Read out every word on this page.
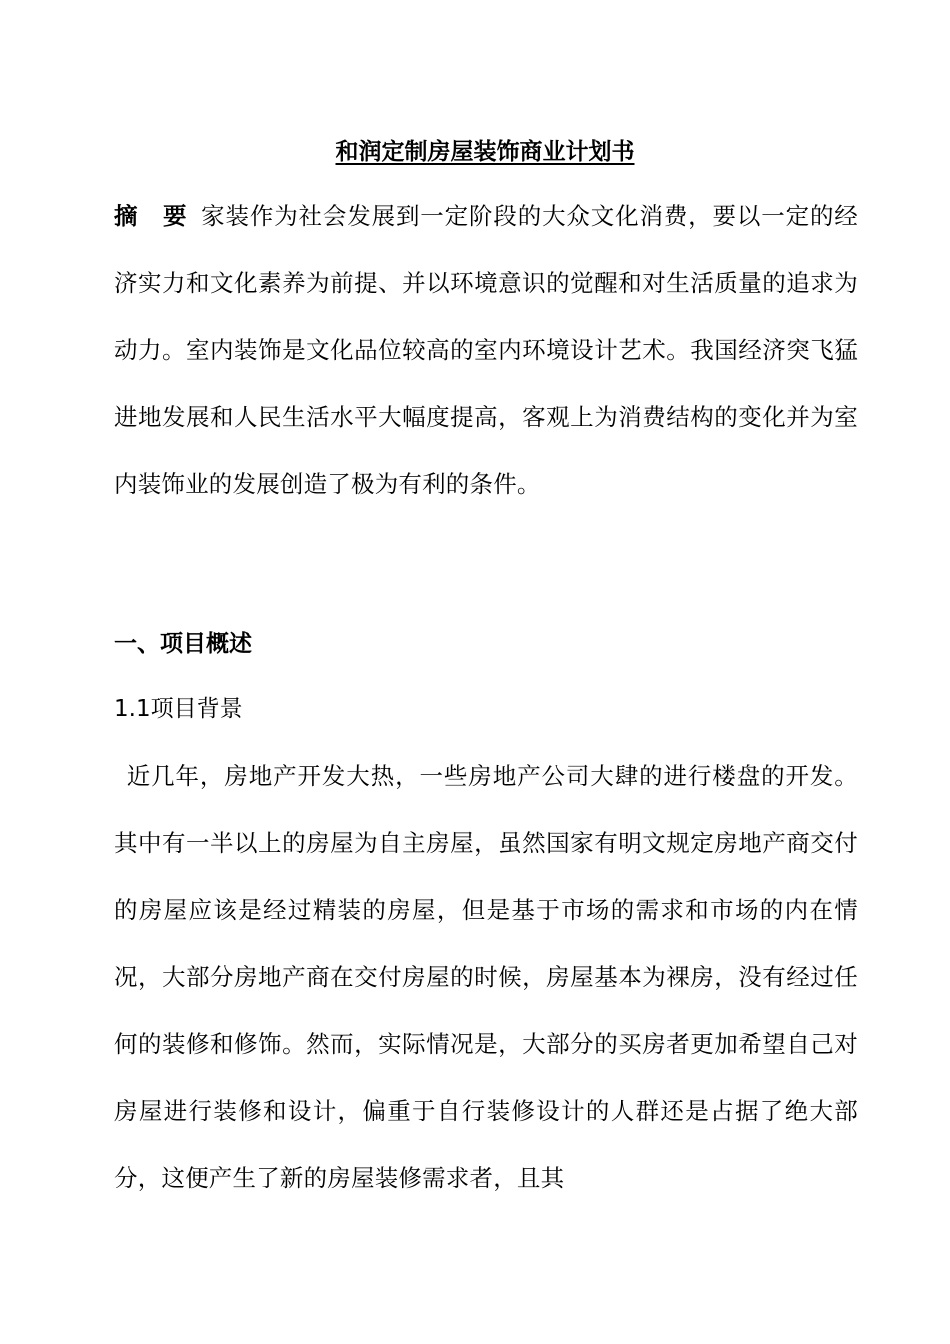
和润定制房屋装饰商业计划书
摘 要 家装作为社会发展到一定阶段的大众文化消费，要以一定的经济实力和文化素养为前提、并以环境意识的觉醒和对生活质量的追求为动力。室内装饰是文化品位较高的室内环境设计艺术。我国经济突飞猛进地发展和人民生活水平大幅度提高，客观上为消费结构的变化并为室内装饰业的发展创造了极为有利的条件。
一、项目概述
1.1项目背景
近几年，房地产开发大热，一些房地产公司大肆的进行楼盘的开发。其中有一半以上的房屋为自主房屋，虽然国家有明文规定房地产商交付的房屋应该是经过精装的房屋，但是基于市场的需求和市场的内在情况，大部分房地产商在交付房屋的时候，房屋基本为裸房，没有经过任何的装修和修饰。然而，实际情况是，大部分的买房者更加希望自己对房屋进行装修和设计，偏重于自行装修设计的人群还是占据了绝大部分，这便产生了新的房屋装修需求者，且其
